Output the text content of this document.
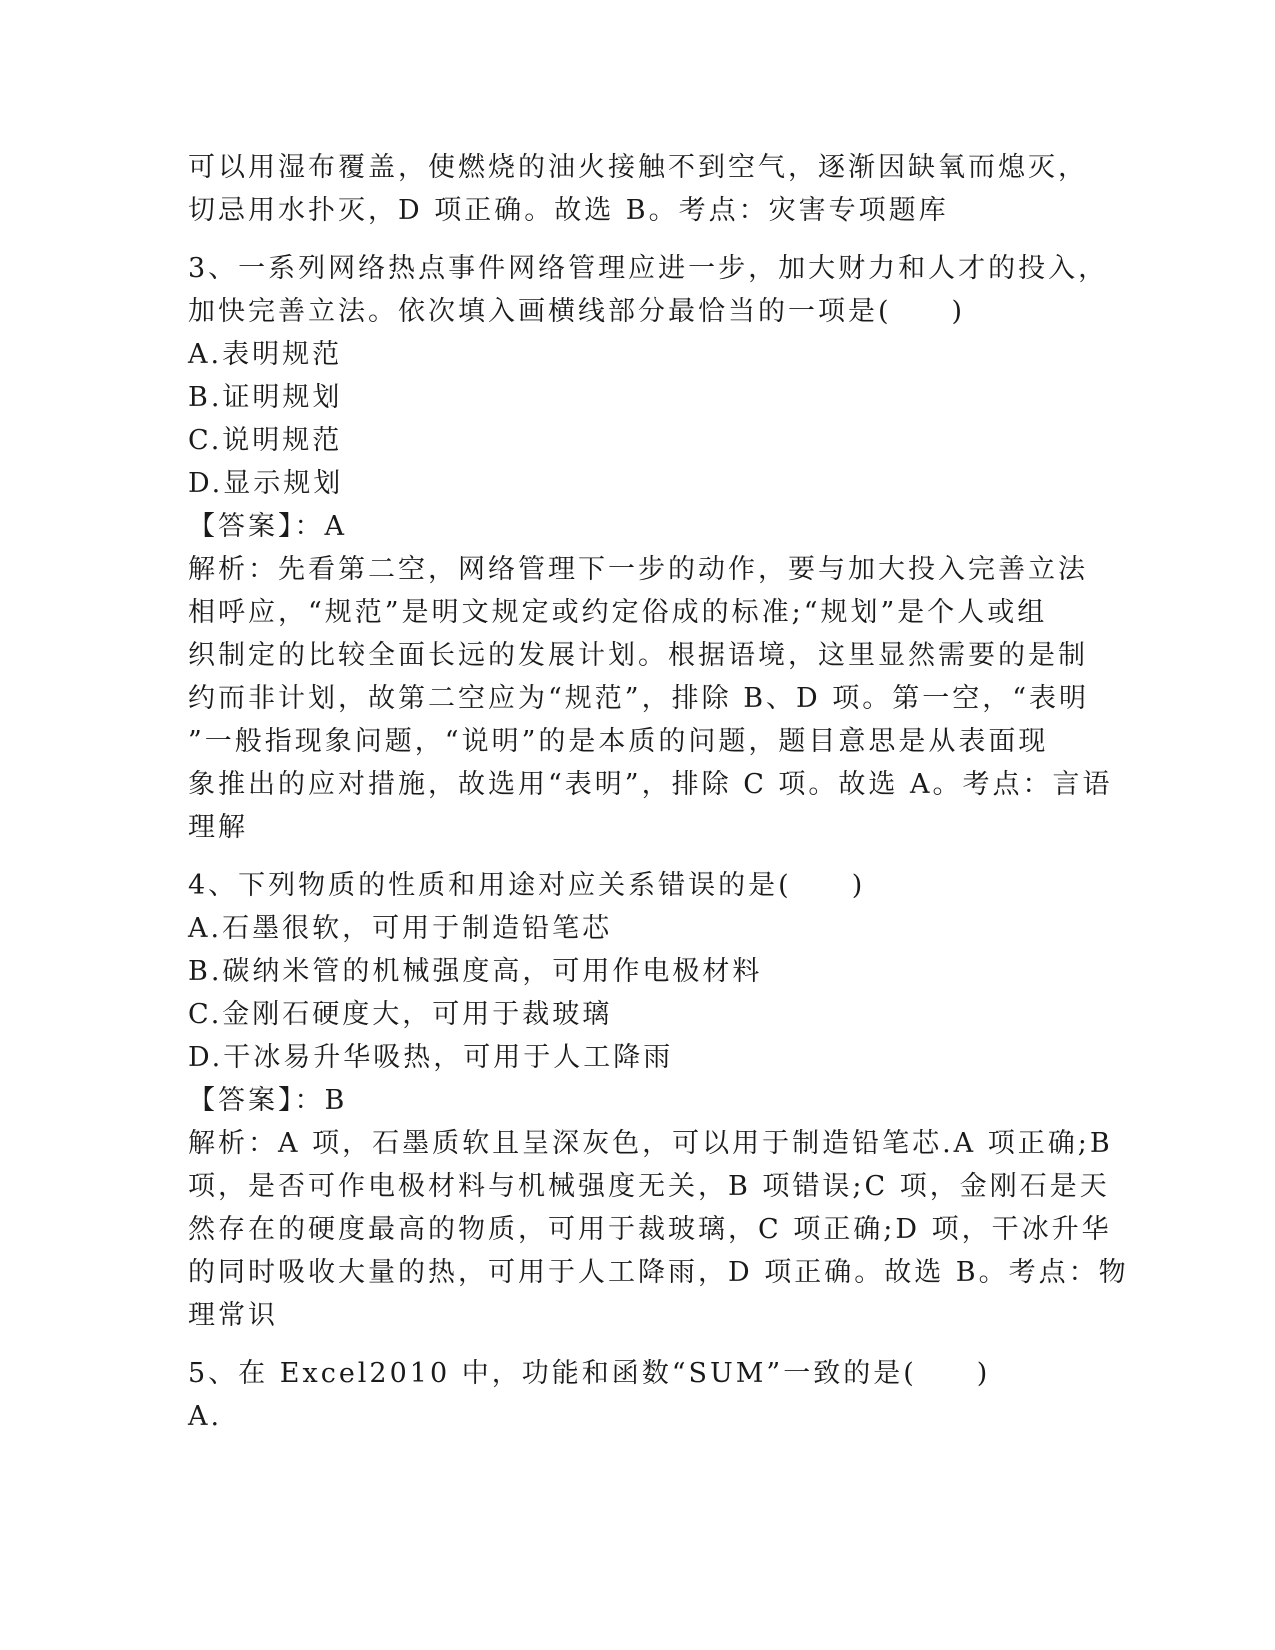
可以用湿布覆盖，使燃烧的油火接触不到空气，逐渐因缺氧而熄灭，
切忌用水扑灭，D 项正确。故选 B。考点：灾害专项题库
3、一系列网络热点事件网络管理应进一步，加大财力和人才的投入，
加快完善立法。依次填入画横线部分最恰当的一项是(　　)
A.表明规范
B.证明规划
C.说明规范
D.显示规划
【答案】：A
解析：先看第二空，网络管理下一步的动作，要与加大投入完善立法
相呼应，“规范”是明文规定或约定俗成的标准;“规划”是个人或组
织制定的比较全面长远的发展计划。根据语境，这里显然需要的是制
约而非计划，故第二空应为“规范”，排除 B、D 项。第一空，“表明
”一般指现象问题，“说明”的是本质的问题，题目意思是从表面现
象推出的应对措施，故选用“表明”，排除 C 项。故选 A。考点：言语
理解
4、下列物质的性质和用途对应关系错误的是(　　)
A.石墨很软，可用于制造铅笔芯
B.碳纳米管的机械强度高，可用作电极材料
C.金刚石硬度大，可用于裁玻璃
D.干冰易升华吸热，可用于人工降雨
【答案】：B
解析：A 项，石墨质软且呈深灰色，可以用于制造铅笔芯.A 项正确;B
项，是否可作电极材料与机械强度无关，B 项错误;C 项，金刚石是天
然存在的硬度最高的物质，可用于裁玻璃，C 项正确;D 项，干冰升华
的同时吸收大量的热，可用于人工降雨，D 项正确。故选 B。考点：物
理常识
5、在 Excel2010 中，功能和函数“SUM”一致的是(　　)
A.
